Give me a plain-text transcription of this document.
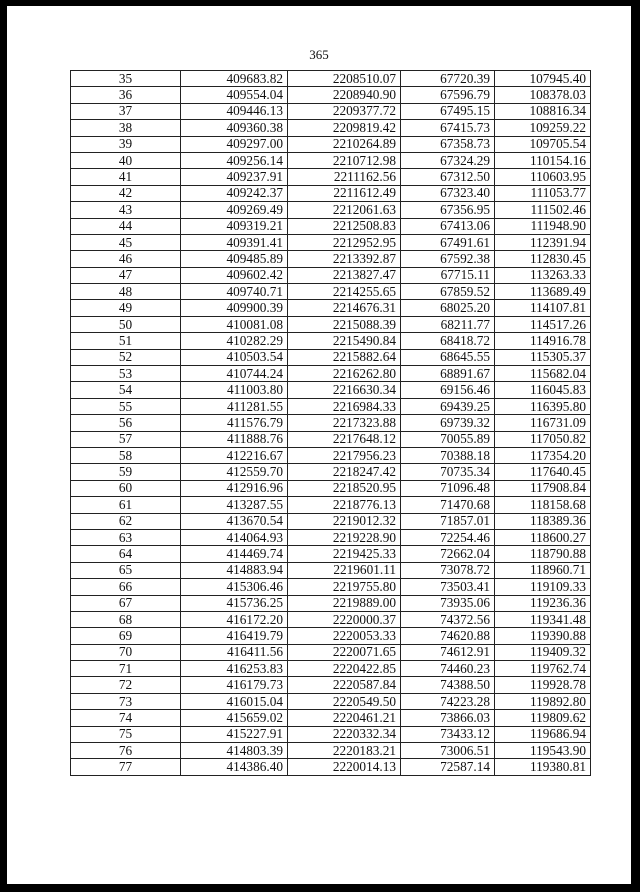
365
35	409683.82	2208510.07	67720.39	107945.40
36	409554.04	2208940.90	67596.79	108378.03
37	409446.13	2209377.72	67495.15	108816.34
38	409360.38	2209819.42	67415.73	109259.22
39	409297.00	2210264.89	67358.73	109705.54
40	409256.14	2210712.98	67324.29	110154.16
41	409237.91	2211162.56	67312.50	110603.95
42	409242.37	2211612.49	67323.40	111053.77
43	409269.49	2212061.63	67356.95	111502.46
44	409319.21	2212508.83	67413.06	111948.90
45	409391.41	2212952.95	67491.61	112391.94
46	409485.89	2213392.87	67592.38	112830.45
47	409602.42	2213827.47	67715.11	113263.33
48	409740.71	2214255.65	67859.52	113689.49
49	409900.39	2214676.31	68025.20	114107.81
50	410081.08	2215088.39	68211.77	114517.26
51	410282.29	2215490.84	68418.72	114916.78
52	410503.54	2215882.64	68645.55	115305.37
53	410744.24	2216262.80	68891.67	115682.04
54	411003.80	2216630.34	69156.46	116045.83
55	411281.55	2216984.33	69439.25	116395.80
56	411576.79	2217323.88	69739.32	116731.09
57	411888.76	2217648.12	70055.89	117050.82
58	412216.67	2217956.23	70388.18	117354.20
59	412559.70	2218247.42	70735.34	117640.45
60	412916.96	2218520.95	71096.48	117908.84
61	413287.55	2218776.13	71470.68	118158.68
62	413670.54	2219012.32	71857.01	118389.36
63	414064.93	2219228.90	72254.46	118600.27
64	414469.74	2219425.33	72662.04	118790.88
65	414883.94	2219601.11	73078.72	118960.71
66	415306.46	2219755.80	73503.41	119109.33
67	415736.25	2219889.00	73935.06	119236.36
68	416172.20	2220000.37	74372.56	119341.48
69	416419.79	2220053.33	74620.88	119390.88
70	416411.56	2220071.65	74612.91	119409.32
71	416253.83	2220422.85	74460.23	119762.74
72	416179.73	2220587.84	74388.50	119928.78
73	416015.04	2220549.50	74223.28	119892.80
74	415659.02	2220461.21	73866.03	119809.62
75	415227.91	2220332.34	73433.12	119686.94
76	414803.39	2220183.21	73006.51	119543.90
77	414386.40	2220014.13	72587.14	119380.81
